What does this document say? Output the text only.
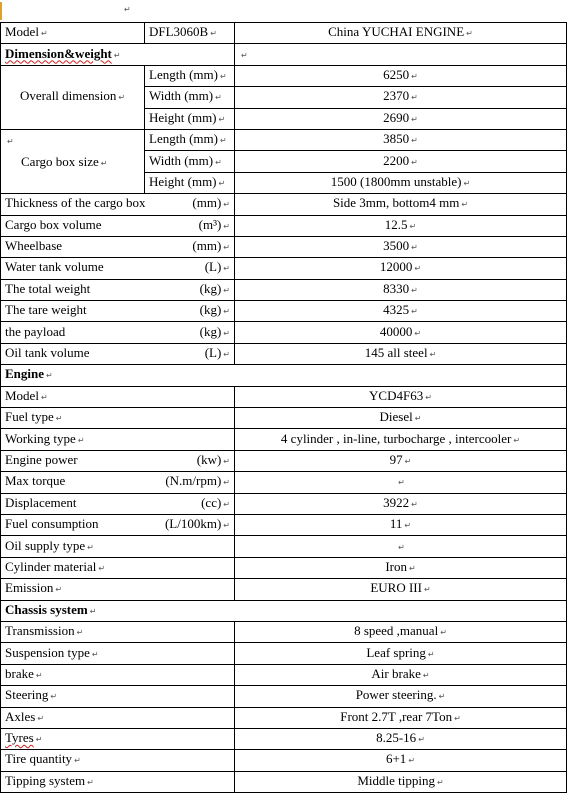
↵
Model ↵	DFL3060B ↵	China YUCHAI ENGINE ↵
Dimension&weight ↵		↵
Overall dimension ↵	Length (mm) ↵	6250 ↵
	Width (mm) ↵	2370 ↵
	Height (mm) ↵	2690 ↵

↵
Cargo box size ↵	Length (mm) ↵	3850 ↵
	Width (mm) ↵	2200 ↵
	Height (mm) ↵	1500 (1800mm unstable) ↵

Thickness of the cargo box (mm) ↵		Side 3mm, bottom4 mm ↵

Cargo box volume (m³) ↵		12.5 ↵

Wheelbase (mm) ↵		3500 ↵

Water tank volume (L) ↵		12000 ↵

The total weight (kg) ↵		8330 ↵

The tare weight (kg) ↵		4325 ↵

the payload (kg) ↵		40000 ↵

Oil tank volume (L) ↵		145 all steel ↵
Engine ↵		

Model ↵		YCD4F63 ↵

Fuel type ↵		Diesel ↵

Working type ↵		4 cylinder , in-line, turbocharge , intercooler ↵

Engine power (kw) ↵		97 ↵

Max torque (N.m/rpm) ↵		↵

Displacement (cc) ↵		3922 ↵

Fuel consumption (L/100km) ↵		11 ↵

Oil supply type ↵		↵

Cylinder material ↵		Iron ↵

Emission ↵		EURO III ↵
Chassis system ↵		
Transmission ↵		8 speed ,manual ↵
Suspension type ↵		Leaf spring ↵
brake ↵		Air brake ↵
Steering ↵		Power steering. ↵
Axles ↵		Front 2.7T ,rear 7Ton ↵
Tyres ↵		8.25-16 ↵
Tire quantity ↵		6+1 ↵
Tipping system ↵		Middle tipping ↵
